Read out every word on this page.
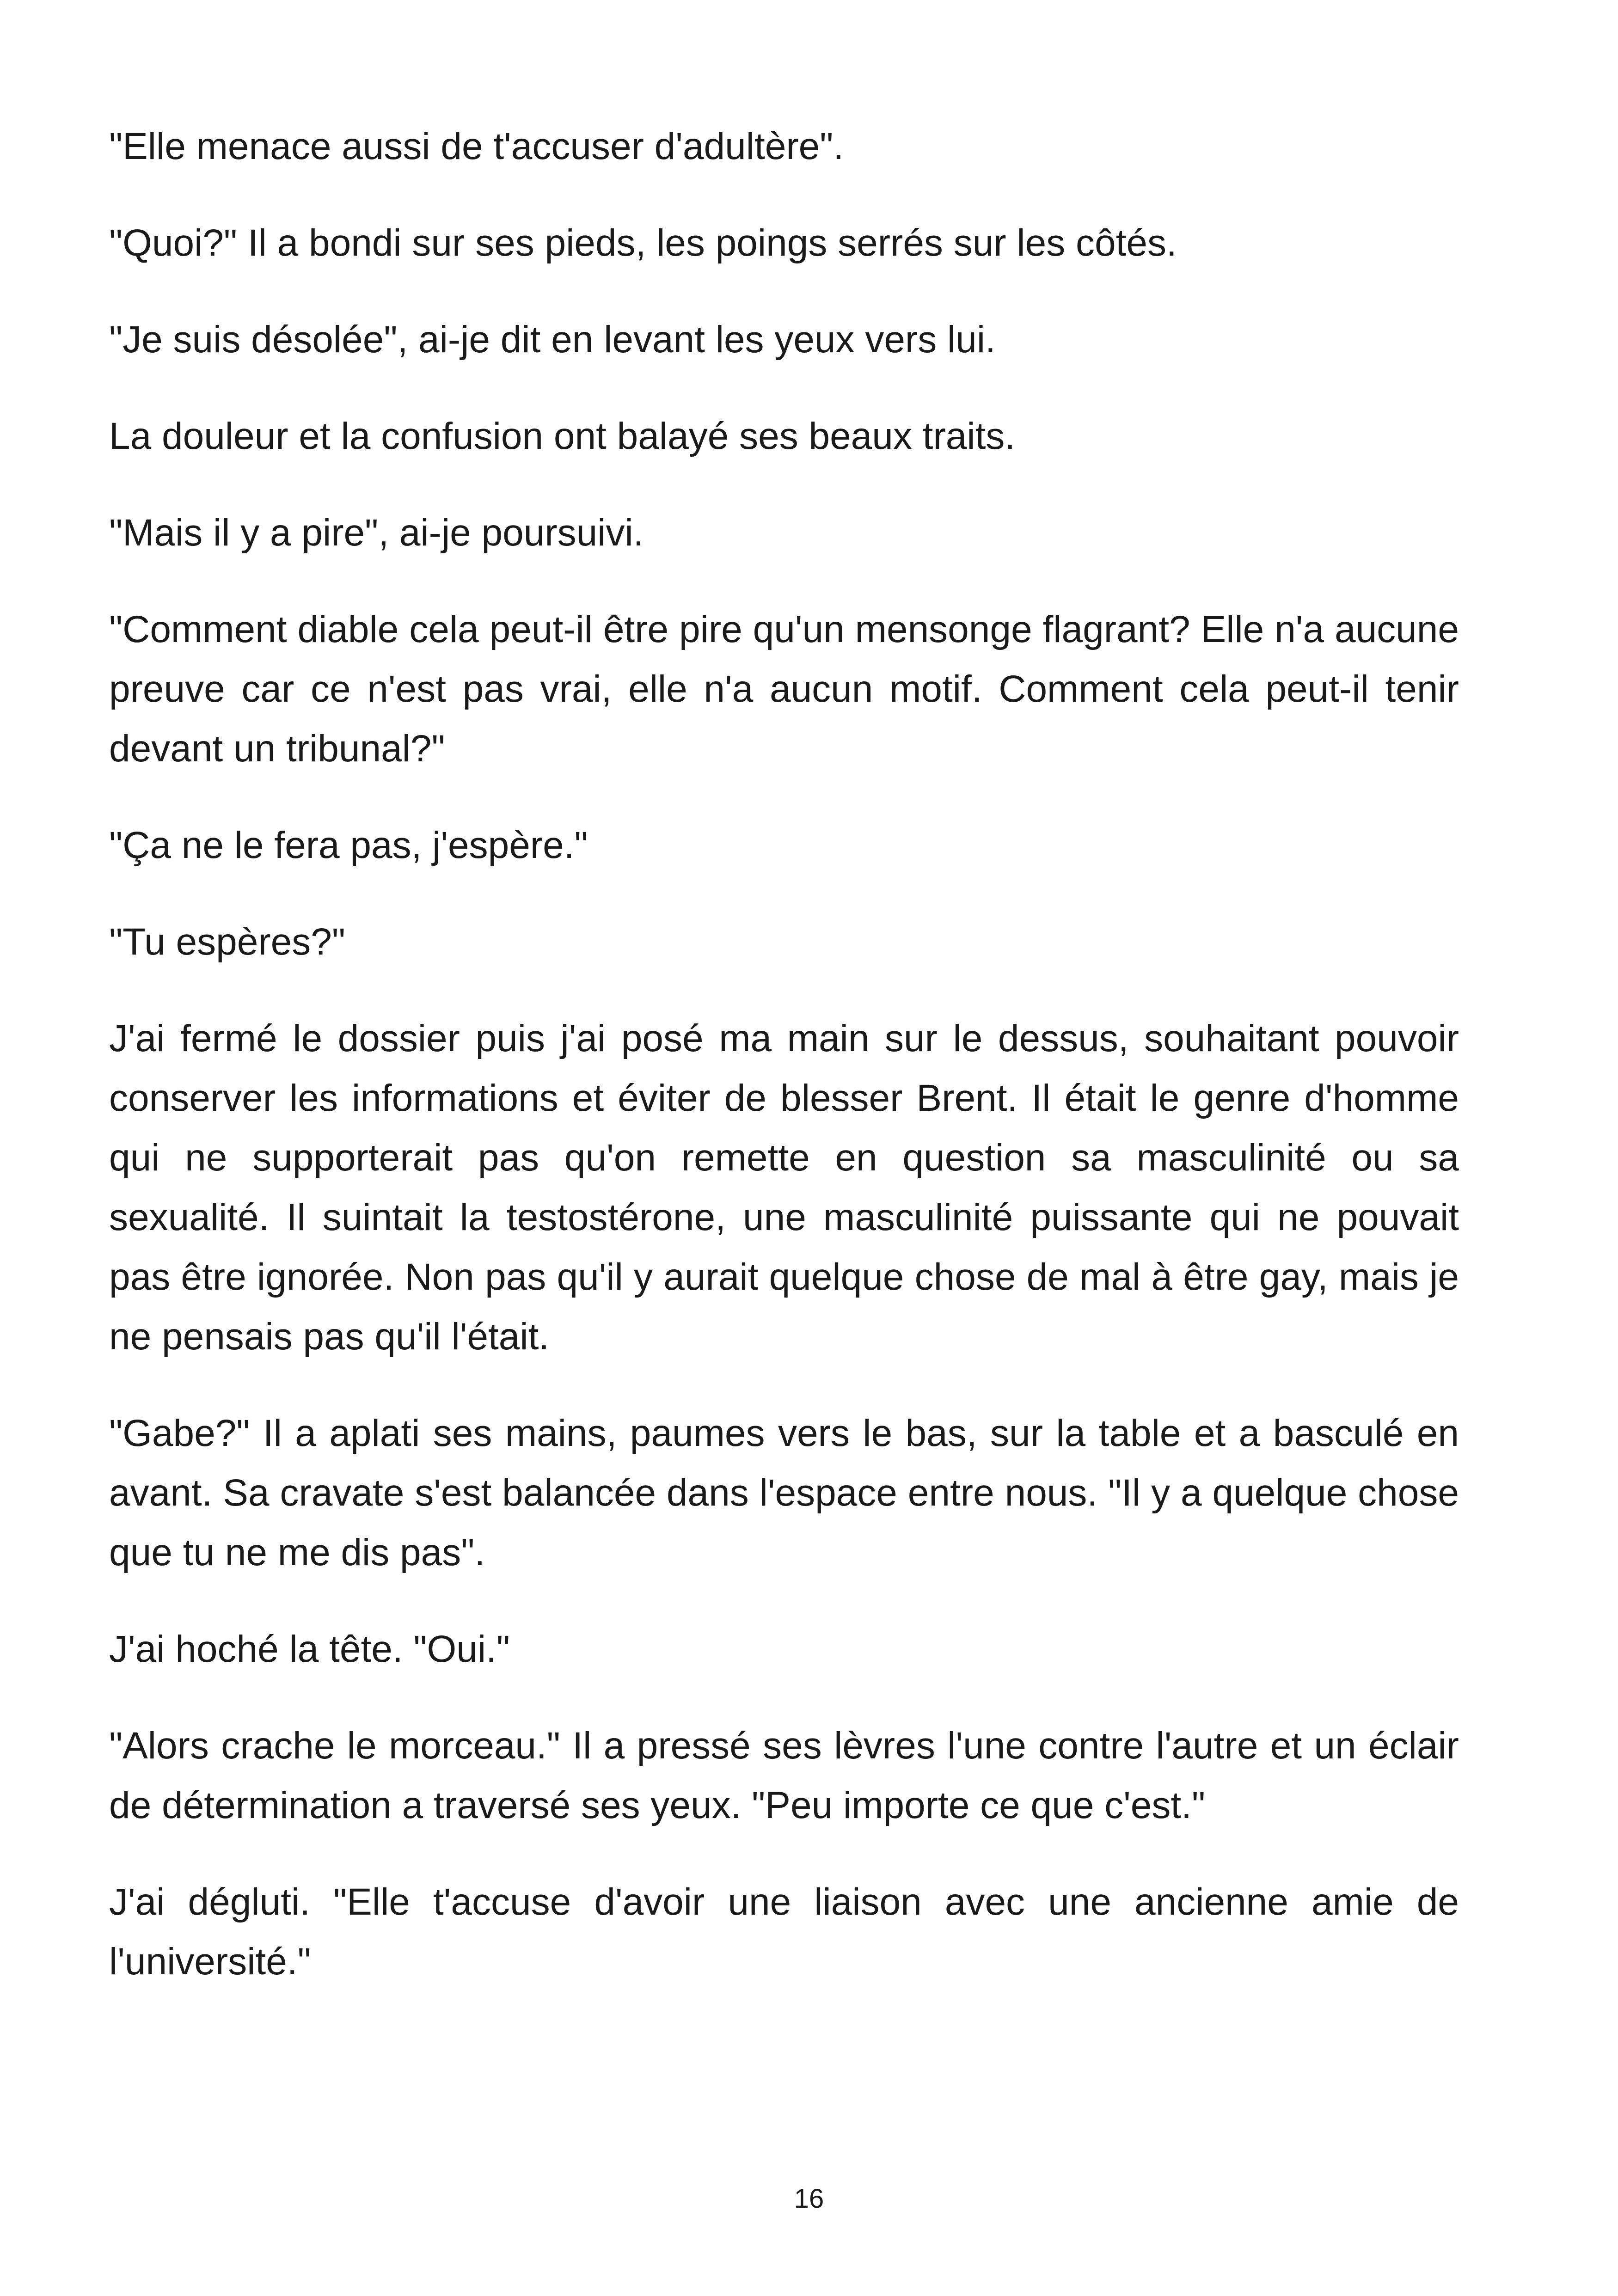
"Elle menace aussi de t'accuser d'adultère".

"Quoi?" Il a bondi sur ses pieds, les poings serrés sur les côtés.

"Je suis désolée", ai-je dit en levant les yeux vers lui.

La douleur et la confusion ont balayé ses beaux traits.

"Mais il y a pire", ai-je poursuivi.

"Comment diable cela peut-il être pire qu'un mensonge flagrant? Elle n'a aucune preuve car ce n'est pas vrai, elle n'a aucun motif. Comment cela peut-il tenir devant un tribunal?"

"Ça ne le fera pas, j'espère."

"Tu espères?"

J'ai fermé le dossier puis j'ai posé ma main sur le dessus, souhaitant pouvoir conserver les informations et éviter de blesser Brent. Il était le genre d'homme qui ne supporterait pas qu'on remette en question sa masculinité ou sa sexualité. Il suintait la testostérone, une masculinité puissante qui ne pouvait pas être ignorée. Non pas qu'il y aurait quelque chose de mal à être gay, mais je ne pensais pas qu'il l'était.

"Gabe?" Il a aplati ses mains, paumes vers le bas, sur la table et a basculé en avant. Sa cravate s'est balancée dans l'espace entre nous. "Il y a quelque chose que tu ne me dis pas".

J'ai hoché la tête. "Oui."

"Alors crache le morceau." Il a pressé ses lèvres l'une contre l'autre et un éclair de détermination a traversé ses yeux. "Peu importe ce que c'est."

J'ai dégluti. "Elle t'accuse d'avoir une liaison avec une ancienne amie de l'université."

16
